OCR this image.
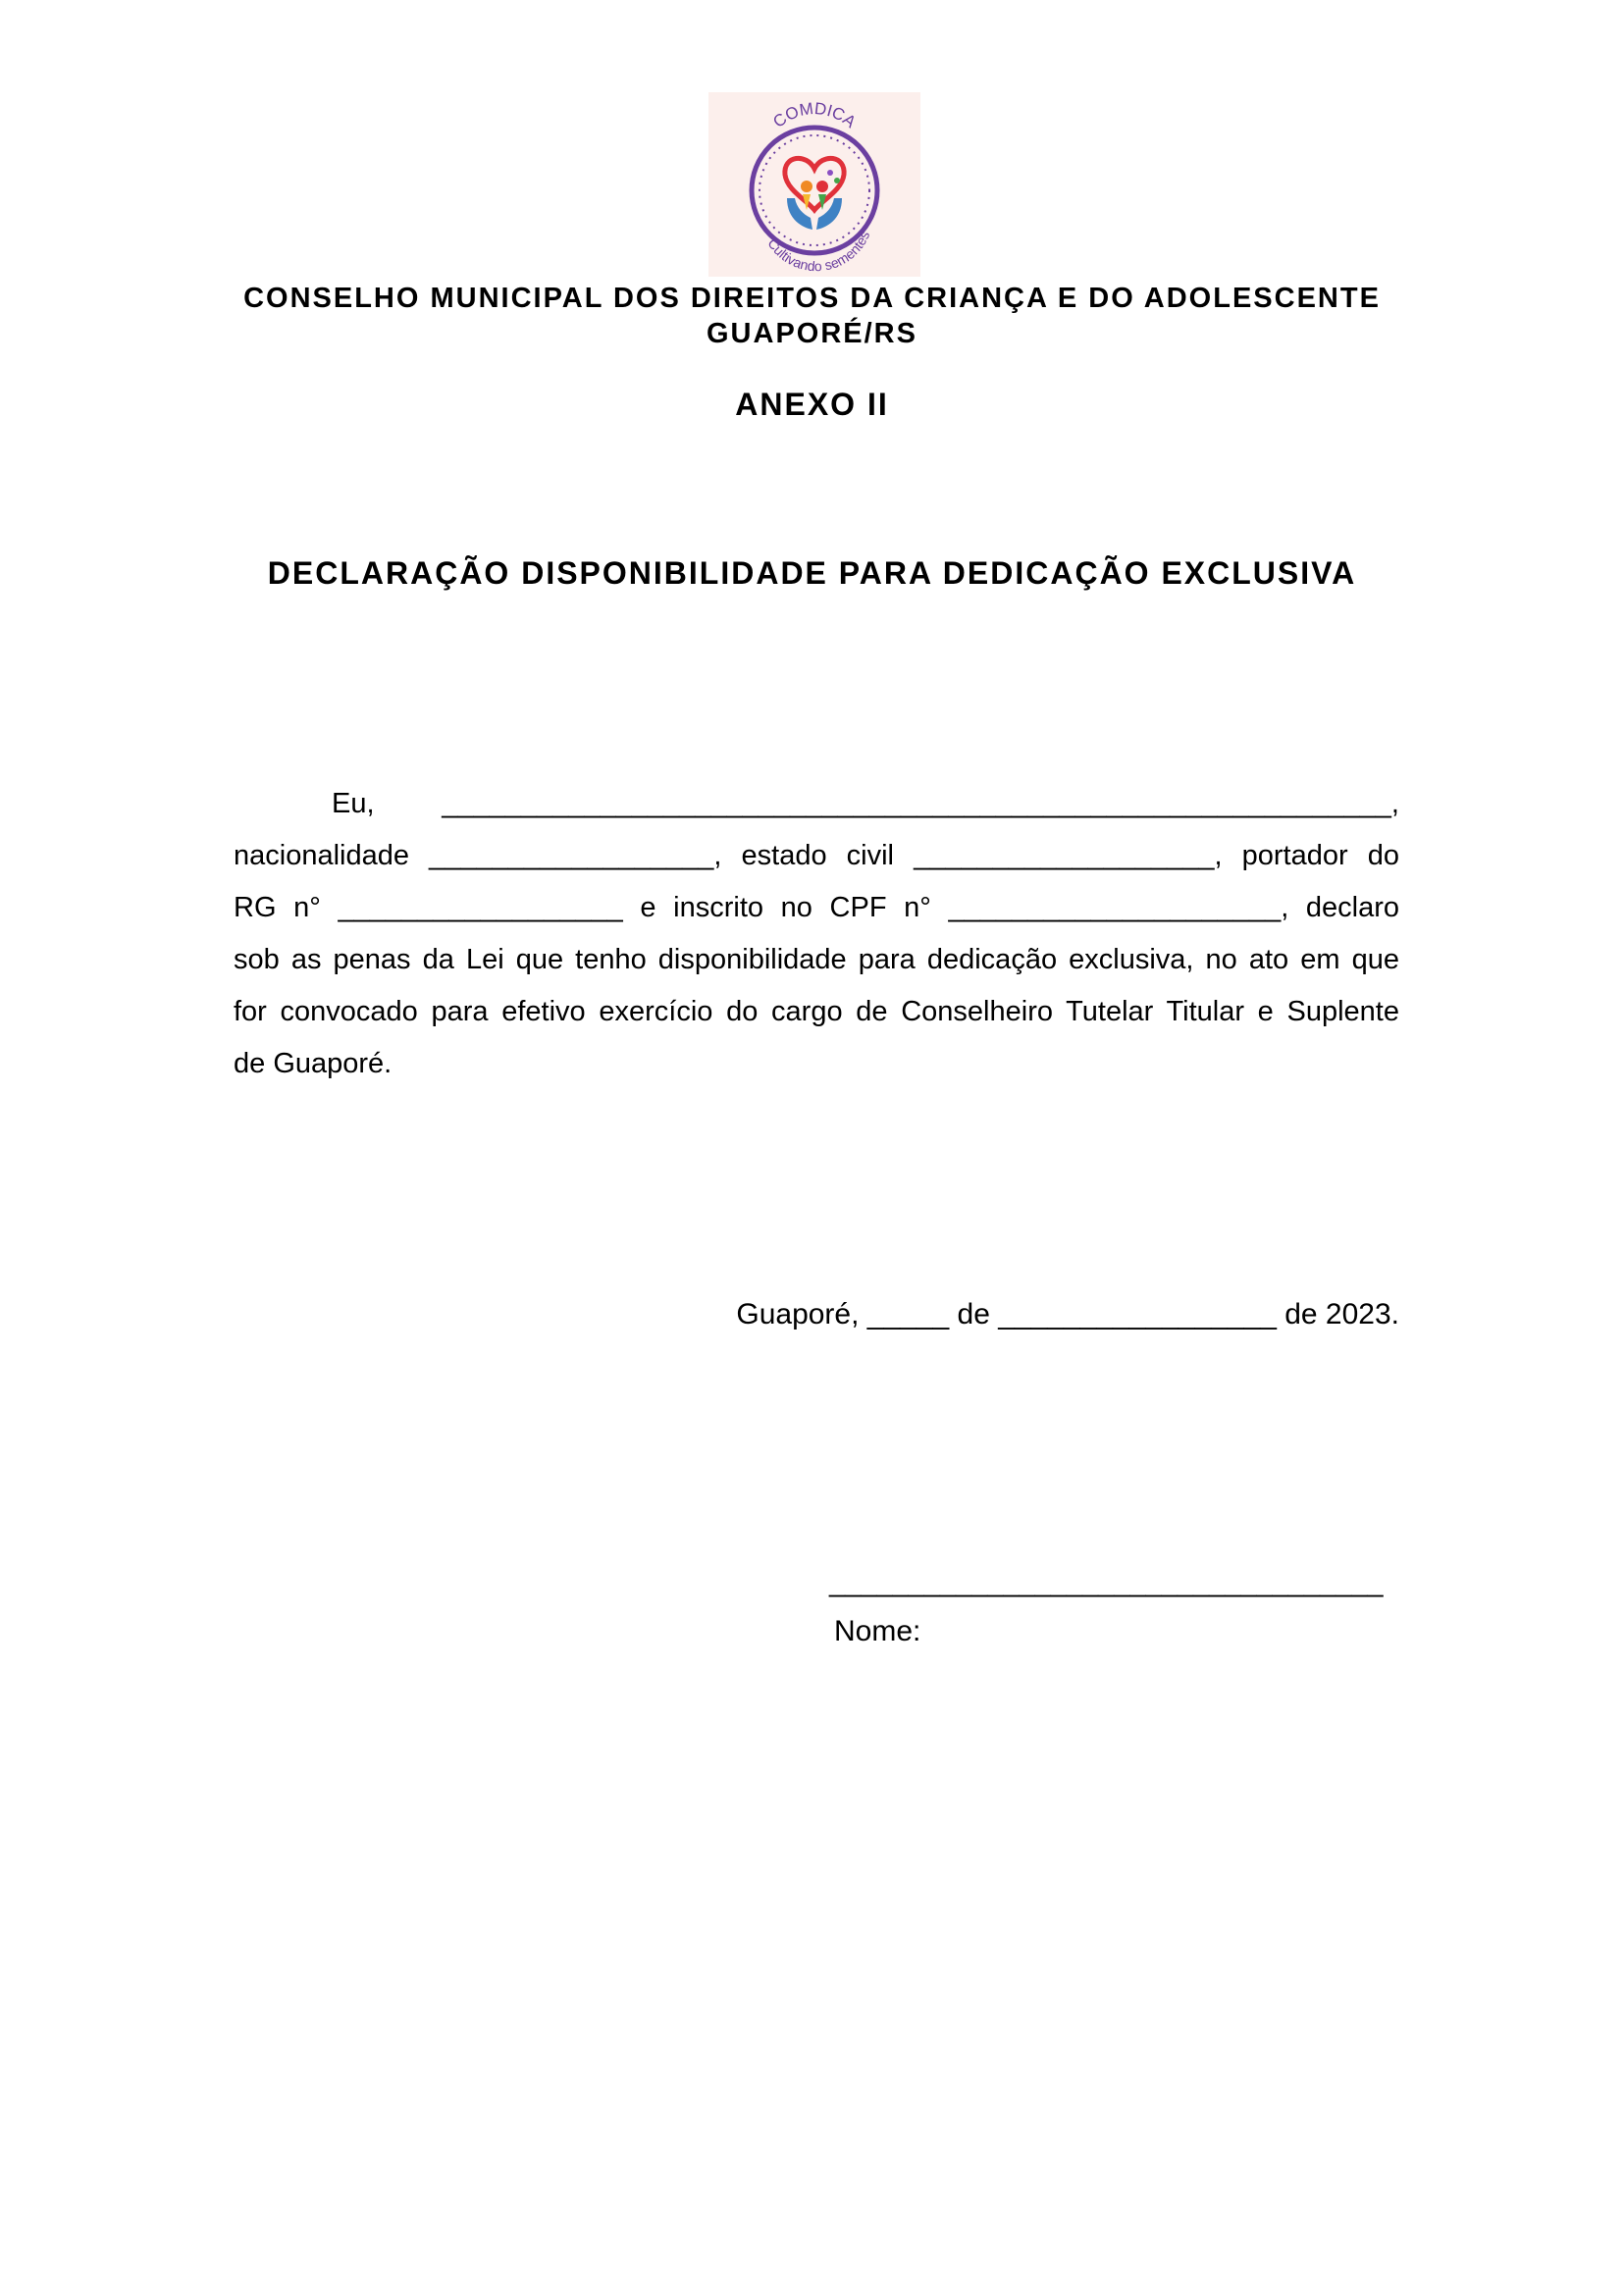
COMDICA
Cultivando sementes
CONSELHO MUNICIPAL DOS DIREITOS DA CRIANÇA E DO ADOLESCENTE
GUAPORÉ/RS
ANEXO II
DECLARAÇÃO DISPONIBILIDADE PARA DEDICAÇÃO EXCLUSIVA
Eu, ____________________________________________________________,
nacionalidade __________________, estado civil ___________________, portador do
RG n° __________________ e inscrito no CPF n° _____________________, declaro
sob as penas da Lei que tenho disponibilidade para dedicação exclusiva, no ato em que
for convocado para efetivo exercício do cargo de Conselheiro Tutelar Titular e Suplente
de Guaporé.
Guaporé, _____ de _________________ de 2023.
___________________________________
Nome:
